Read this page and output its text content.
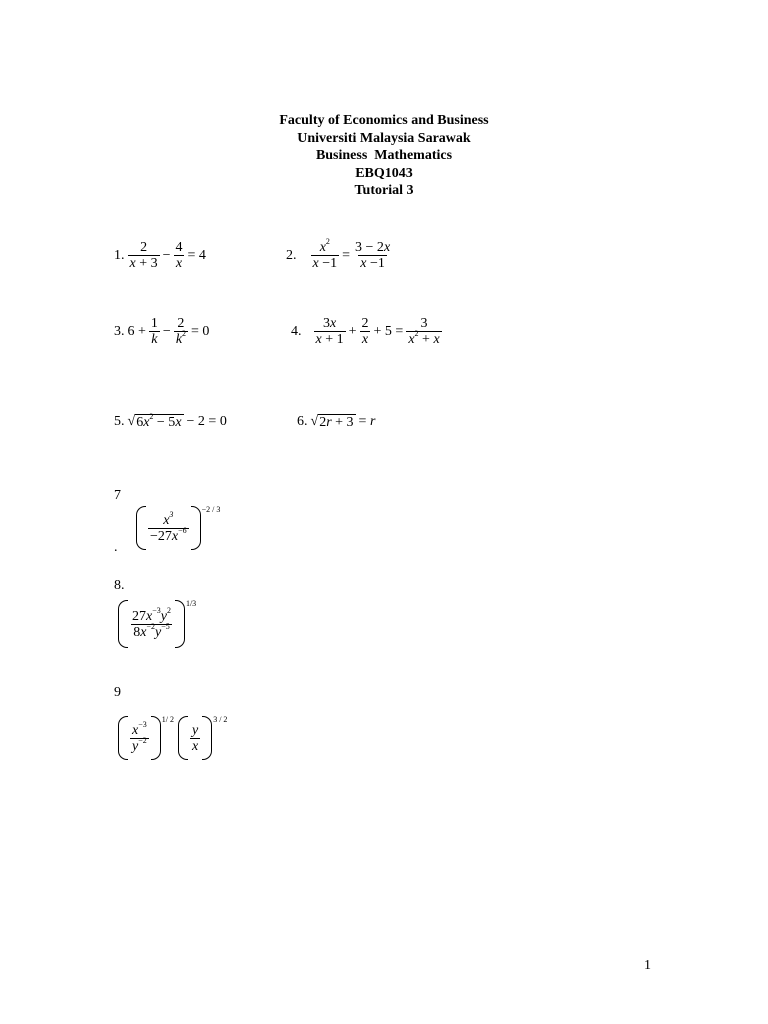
Faculty of Economics and Business
Universiti Malaysia Sarawak
Business  Mathematics
EBQ1043
Tutorial 3
1. $\frac{2}{x + 3} - \frac{4}{x} = 4$	2. $\frac{x^2}{x -1} = \frac{3 - 2x}{x -1}$
3. $6 + \frac{1}{k} - \frac{2}{k^2} = 0$	4. $\frac{3x}{x + 1} + \frac{2}{x} + 5 = \frac{3}{x^2 + x}$
5. √ $6x^2 - 5x - 2 = 0$	6. √ 2r + 3 = r
7
.
$\frac{x^3}{-27x^{-6}}$
−2 / 3
8.
$\frac{27x^{-3}y^2}{8x^{-2}y^{-5}}$
1/3
9
$\frac{x^{-3}}{y^{-2}}$
1/ 2
$\frac{y}{x}$
3 / 2
1
